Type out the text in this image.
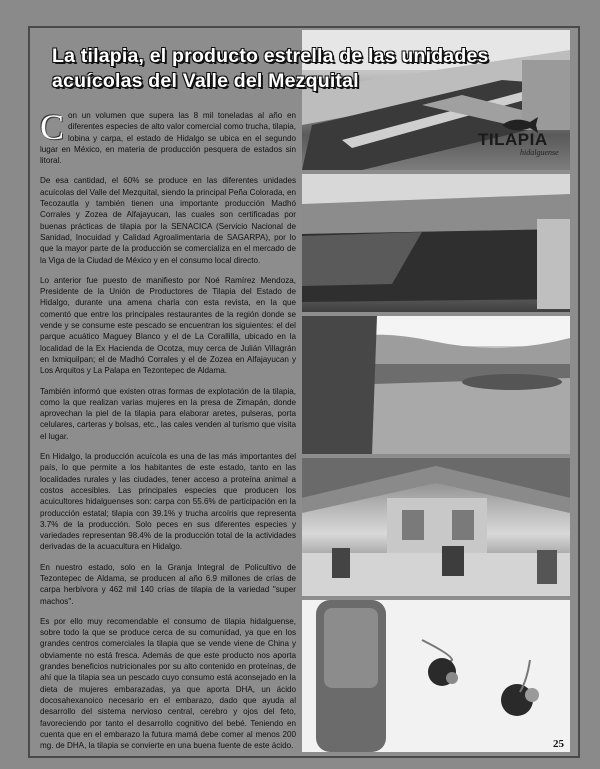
La tilapia, el producto estrella de las unidades acuícolas del Valle del Mezquital

Con un volumen que supera las 8 mil toneladas al año en diferentes especies de alto valor comercial como trucha, tilapia, lobina y carpa, el estado de Hidalgo se ubica en el segundo lugar en México, en materia de producción pesquera de estados sin litoral.

De esa cantidad, el 60% se produce en las diferentes unidades acuícolas del Valle del Mezquital, siendo la principal Peña Colorada, en Tecozautla y también tienen una importante producción Madhó Corrales y Zozea de Alfajayucan, las cuales son certificadas por buenas prácticas de tilapia por la SENACICA (Servicio Nacional de Sanidad, Inocuidad y Calidad Agroalimentaria de SAGARPA), por lo que la mayor parte de la producción se comercializa en el mercado de la Viga de la Ciudad de México y en el consumo local directo.

Lo anterior fue puesto de manifiesto por Noé Ramírez Mendoza, Presidente de la Unión de Productores de Tilapia del Estado de Hidalgo, durante una amena charla con esta revista, en la que comentó que entre los principales restaurantes de la región donde se vende y se consume este pescado se encuentran los siguientes: el del parque acuático Maguey Blanco y el de La Corallilla, ubicado en la localidad de la Ex Hacienda de Ocotza, muy cerca de Julián Villagrán en Ixmiquilpan; el de Madhó Corrales y el de Zozea en Alfajayucan y Los Arquitos y La Palapa en Tezontepec de Aldama.

También informó que existen otras formas de explotación de la tilapia, como la que realizan varias mujeres en la presa de Zimapán, donde aprovechan la piel de la tilapia para elaborar aretes, pulseras, porta celulares, carteras y bolsas, etc., las cales venden al turismo que visita el lugar.

En Hidalgo, la producción acuícola es una de las más importantes del país, lo que permite a los habitantes de este estado, tanto en las localidades rurales y las ciudades, tener acceso a proteína animal a costos accesibles. Las principales especies que producen los acuicultores hidalguenses son: carpa con 55.6% de participación en la producción estatal; tilapia con 39.1% y trucha arcoíris que representa 3.7% de la producción. Solo peces en sus diferentes especies y variedades representan 98.4% de la producción total de la actividades derivadas de la acuacultura en Hidalgo.

En nuestro estado, solo en la Granja Integral de Policultivo de Tezontepec de Aldama, se producen al año 6.9 millones de crías de carpa herbívora y 462 mil 140 crías de tilapia de la variedad "super machos".

Es por ello muy recomendable el consumo de tilapia hidalguense, sobre todo la que se produce cerca de su comunidad, ya que en los grandes centros comerciales la tilapia que se vende viene de China y obviamente no está fresca. Además de que este producto nos aporta grandes beneficios nutricionales por su alto contenido en proteínas, de ahí que la tilapia sea un pescado cuyo consumo está aconsejado en la dieta de mujeres embarazadas, ya que aporta DHA, un ácido docosahexanoico necesario en el embarazo, dado que ayuda al desarrollo del sistema nervioso central, cerebro y ojos del feto, favoreciendo por tanto el desarrollo cognitivo del bebé. Teniendo en cuenta que en el embarazo la futura mamá debe comer al menos 200 mg. de DHA, la tilapia se convierte en una buena fuente de este ácido.

TILAPIA
hidalguense
25
